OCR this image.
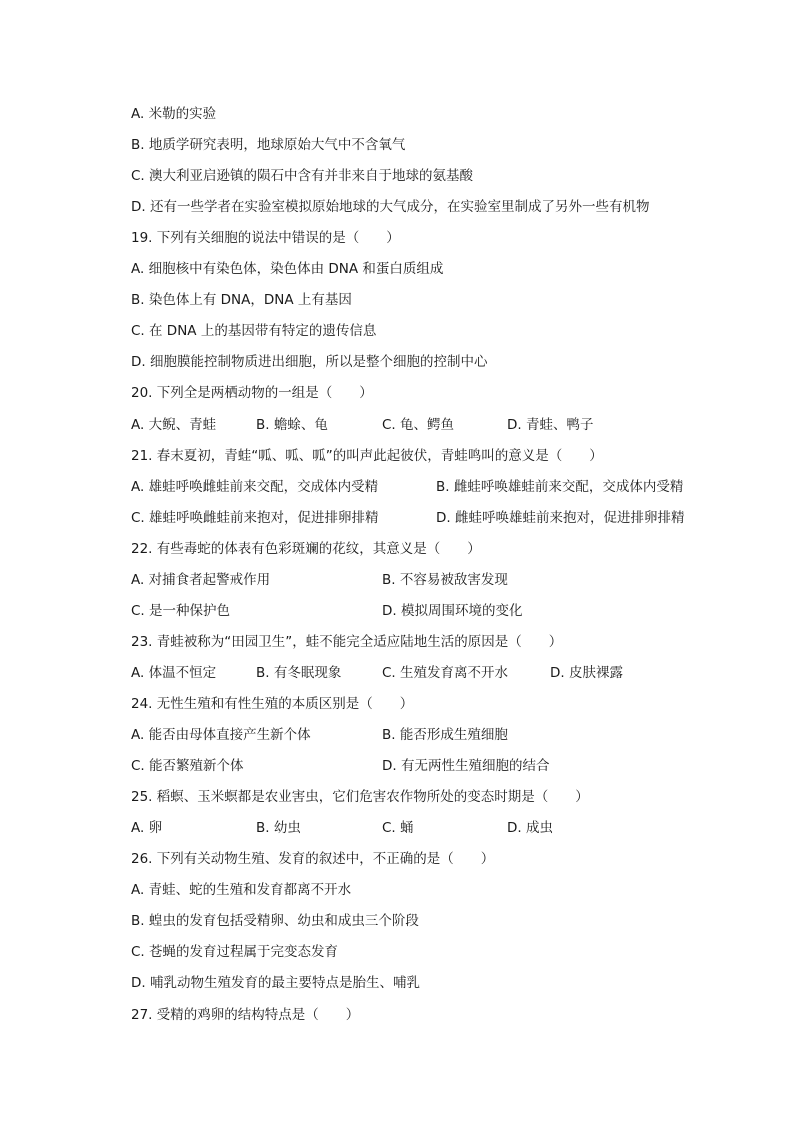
A. 米勒的实验
B. 地质学研究表明，地球原始大气中不含氧气
C. 澳大利亚启逊镇的陨石中含有并非来自于地球的氨基酸
D. 还有一些学者在实验室模拟原始地球的大气成分，在实验室里制成了另外一些有机物
19. 下列有关细胞的说法中错误的是（　　）
A. 细胞核中有染色体，染色体由 DNA 和蛋白质组成
B. 染色体上有 DNA，DNA 上有基因
C. 在 DNA 上的基因带有特定的遗传信息
D. 细胞膜能控制物质进出细胞，所以是整个细胞的控制中心
20. 下列全是两栖动物的一组是（　　）
A. 大鲵、青蛙	B. 蟾蜍、龟	C. 龟、鳄鱼	D. 青蛙、鸭子
21. 春末夏初，青蛙“呱、呱、呱”的叫声此起彼伏，青蛙鸣叫的意义是（　　）
A. 雄蛙呼唤雌蛙前来交配，交成体内受精	B. 雌蛙呼唤雄蛙前来交配，交成体内受精
C. 雄蛙呼唤雌蛙前来抱对，促进排卵排精	D. 雌蛙呼唤雄蛙前来抱对，促进排卵排精
22. 有些毒蛇的体表有色彩斑斓的花纹，其意义是（　　）
A. 对捕食者起警戒作用	B. 不容易被敌害发现
C. 是一种保护色	D. 模拟周围环境的变化
23. 青蛙被称为“田园卫生”，蛙不能完全适应陆地生活的原因是（　　）
A. 体温不恒定	B. 有冬眠现象	C. 生殖发育离不开水	D. 皮肤裸露
24. 无性生殖和有性生殖的本质区别是（　　）
A. 能否由母体直接产生新个体	B. 能否形成生殖细胞
C. 能否繁殖新个体	D. 有无两性生殖细胞的结合
25. 稻螟、玉米螟都是农业害虫，它们危害农作物所处的变态时期是（　　）
A. 卵	B. 幼虫	C. 蛹	D. 成虫
26. 下列有关动物生殖、发育的叙述中，不正确的是（　　）
A. 青蛙、蛇的生殖和发育都离不开水
B. 蝗虫的发育包括受精卵、幼虫和成虫三个阶段
C. 苍蝇的发育过程属于完变态发育
D. 哺乳动物生殖发育的最主要特点是胎生、哺乳
27. 受精的鸡卵的结构特点是（　　）
